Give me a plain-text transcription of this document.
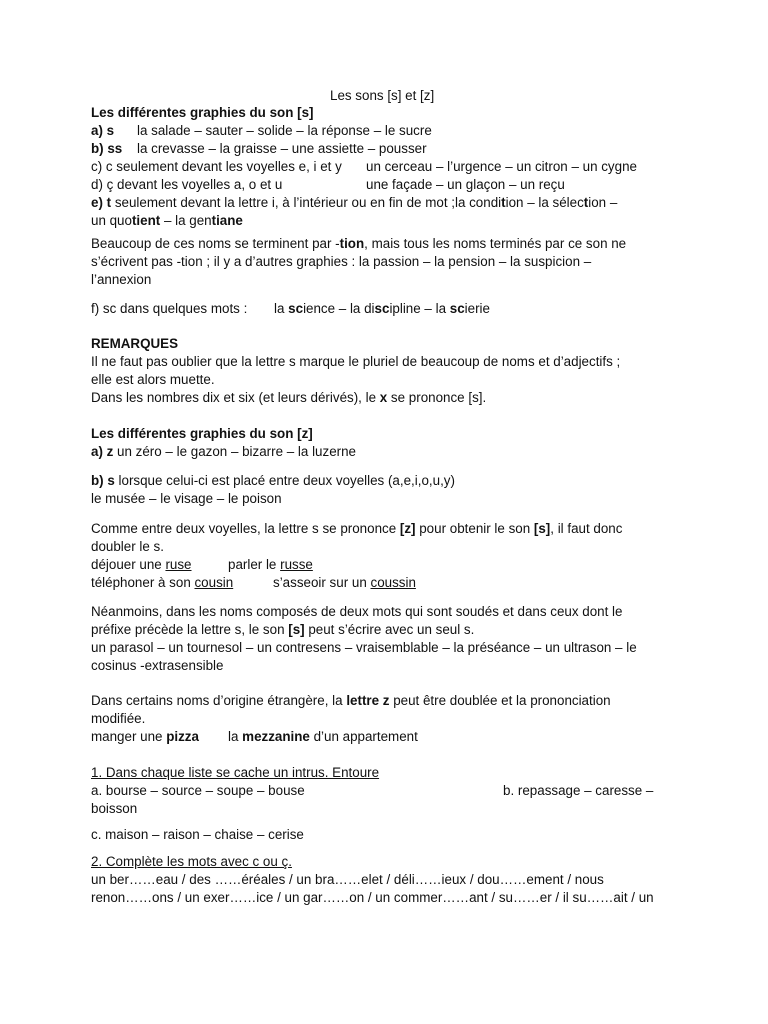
Les sons [s] et [z]
Les différentes graphies du son [s]
a) s la salade – sauter – solide – la réponse – le sucre
b) ss la crevasse – la graisse – une assiette – pousser
c) c seulement devant les voyelles e, i et y un cerceau – l’urgence – un citron – un cygne
d) ç devant les voyelles a, o et u	une façade – un glaçon – un reçu
e) t seulement devant la lettre i, à l’intérieur ou en fin de mot ;la condition – la sélection –
un quotient – la gentiane
Beaucoup de ces noms se terminent par -tion, mais tous les noms terminés par ce son ne
s’écrivent pas -tion ; il y a d’autres graphies : la passion – la pension – la suspicion –
l’annexion
f) sc dans quelques mots : la science – la discipline – la scierie
REMARQUES
Il ne faut pas oublier que la lettre s marque le pluriel de beaucoup de noms et d’adjectifs ;
elle est alors muette.
Dans les nombres dix et six (et leurs dérivés), le x se prononce [s].
Les différentes graphies du son [z]
a) z un zéro – le gazon – bizarre – la luzerne
b) s lorsque celui-ci est placé entre deux voyelles (a,e,i,o,u,y)
le musée – le visage – le poison
Comme entre deux voyelles, la lettre s se prononce [z] pour obtenir le son [s], il faut donc
doubler le s.
déjouer une ruse	parler le russe
téléphoner à son cousin	s’asseoir sur un coussin
Néanmoins, dans les noms composés de deux mots qui sont soudés et dans ceux dont le
préfixe précède la lettre s, le son [s] peut s’écrire avec un seul s.
un parasol – un tournesol – un contresens – vraisemblable – la préséance – un ultrason – le
cosinus -extrasensible
Dans certains noms d’origine étrangère, la lettre z peut être doublée et la prononciation
modifiée.
manger une pizza la mezzanine d’un appartement
1. Dans chaque liste se cache un intrus. Entoure
a. bourse – source – soupe – bouse	b. repassage – caresse –
boisson
c. maison – raison – chaise – cerise
2. Complète les mots avec c ou ç.
un ber……eau / des ……éréales / un bra……elet / déli……ieux / dou……ement / nous
renon……ons / un exer……ice / un gar……on / un commer……ant / su……er / il su……ait / un
